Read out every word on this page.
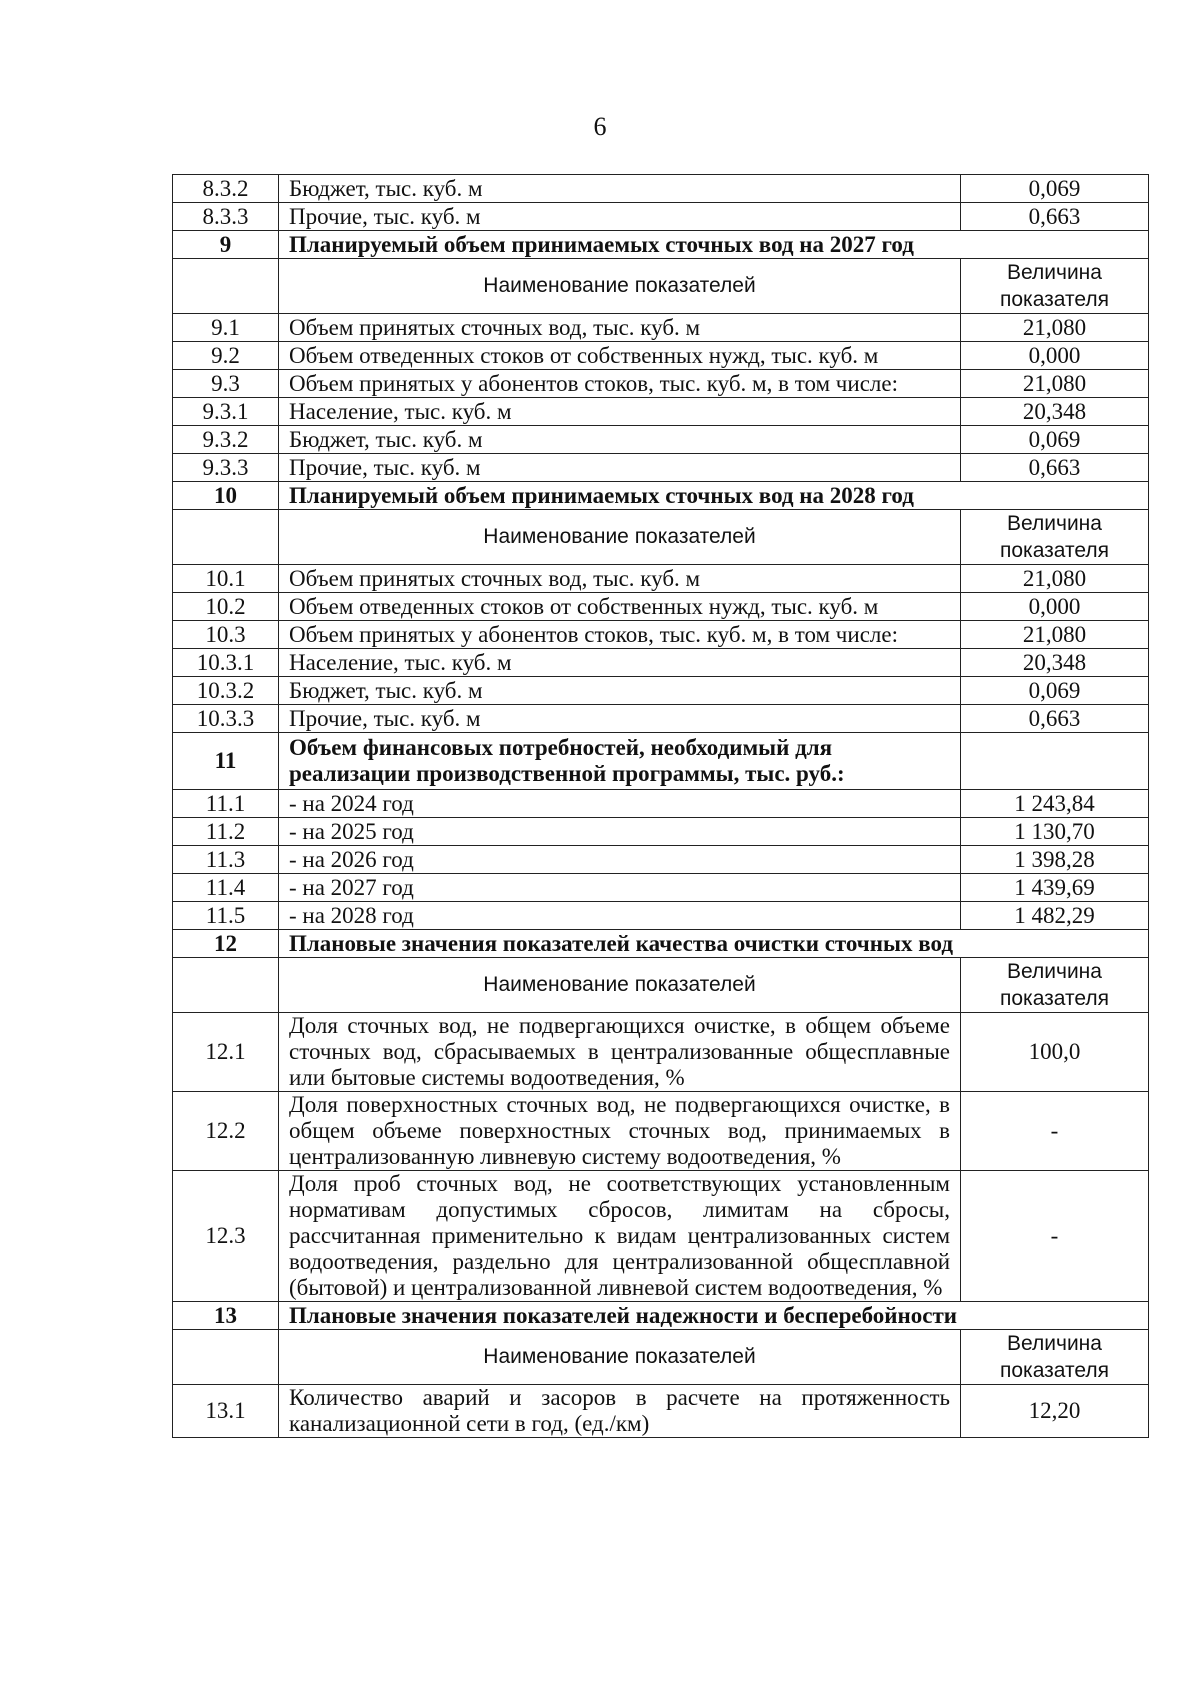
6
8.3.2	Бюджет, тыс. куб. м	0,069
8.3.3	Прочие, тыс. куб. м	0,663
9	Планируемый объем принимаемых сточных вод на 2027 год	
	Наименование показателей	Величина показателя
9.1	Объем принятых сточных вод, тыс. куб. м	21,080
9.2	Объем отведенных стоков от собственных нужд, тыс. куб. м	0,000
9.3	Объем принятых у абонентов стоков, тыс. куб. м, в том числе:	21,080
9.3.1	Население, тыс. куб. м	20,348
9.3.2	Бюджет, тыс. куб. м	0,069
9.3.3	Прочие, тыс. куб. м	0,663
10	Планируемый объем принимаемых сточных вод на 2028 год	
	Наименование показателей	Величина показателя
10.1	Объем принятых сточных вод, тыс. куб. м	21,080
10.2	Объем отведенных стоков от собственных нужд, тыс. куб. м	0,000
10.3	Объем принятых у абонентов стоков, тыс. куб. м, в том числе:	21,080
10.3.1	Население, тыс. куб. м	20,348
10.3.2	Бюджет, тыс. куб. м	0,069
10.3.3	Прочие, тыс. куб. м	0,663
11	Объем финансовых потребностей, необходимый для реализации производственной программы, тыс. руб.:	
11.1	- на 2024 год	1 243,84
11.2	- на 2025 год	1 130,70
11.3	- на 2026 год	1 398,28
11.4	- на 2027 год	1 439,69
11.5	- на 2028 год	1 482,29
12	Плановые значения показателей качества очистки сточных вод	
	Наименование показателей	Величина показателя
12.1	Доля сточных вод, не подвергающихся очистке, в общем объеме сточных вод, сбрасываемых в централизованные общесплавные или бытовые системы водоотведения, %	100,0
12.2	Доля поверхностных сточных вод, не подвергающихся очистке, в общем объеме поверхностных сточных вод, принимаемых в централизованную ливневую систему водоотведения, %	-
12.3	Доля проб сточных вод, не соответствующих установленным нормативам допустимых сбросов, лимитам на сбросы, рассчитанная применительно к видам централизованных систем водоотведения, раздельно для централизованной общесплавной (бытовой) и централизованной ливневой систем водоотведения, %	-
13	Плановые значения показателей надежности и бесперебойности	
	Наименование показателей	Величина показателя
13.1	Количество аварий и засоров в расчете на протяженность канализационной сети в год, (ед./км)	12,20
